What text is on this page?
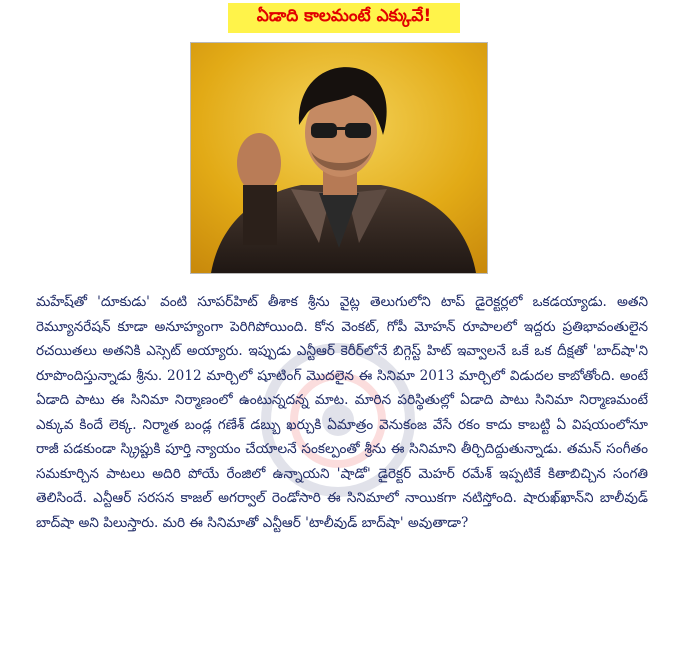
ఏడాది కాలమంటే ఎక్కువే!

మహేష్‌తో 'దూకుడు' వంటి సూపర్‌హిట్ తీశాక శ్రీను వైట్ల తెలుగులోని టాప్ డైరెక్టర్లలో ఒకడయ్యాడు. అతని రెమ్యూనరేషన్ కూడా అనూహ్యంగా పెరిగిపోయింది. కోన వెంకట్, గోపీ మోహన్ రూపాలలో ఇద్దరు ప్రతిభావంతులైన రచయితలు అతనికి ఎస్సెట్ అయ్యారు. ఇప్పుడు ఎన్టీఆర్ కెరీర్‌లోనే బిగ్గెస్ట్ హిట్ ఇవ్వాలనే ఒకే ఒక దీక్షతో 'బాద్‌షా'ని రూపొందిస్తున్నాడు శ్రీను. 2012 మార్చిలో షూటింగ్ మొదలైన ఈ సినిమా 2013 మార్చిలో విడుదల కాబోతోంది. అంటే ఏడాది పాటు ఈ సినిమా నిర్మాణంలో ఉంటున్నదన్న మాట. మారిన పరిస్థితుల్లో ఏడాది పాటు సినిమా నిర్మాణమంటే ఎక్కువ కిందే లెక్క. నిర్మాత బండ్ల గణేశ్ డబ్బు ఖర్చుకి ఏమాత్రం వెనుకంజ వేసే రకం కాదు కాబట్టి ఏ విషయంలోనూ రాజీ పడకుండా స్క్రిప్టుకి పూర్తి న్యాయం చేయాలనే సంకల్పంతో శ్రీను ఈ సినిమాని తీర్చిదిద్దుతున్నాడు. తమన్ సంగీతం సమకూర్చిన పాటలు అదిరి పోయే రేంజిలో ఉన్నాయని 'షాడో' డైరెక్టర్ మెహర్ రమేశ్ ఇప్పటికే కితాబిచ్చిన సంగతి తెలిసిందే. ఎన్టీఆర్ సరసన కాజల్ అగర్వాల్ రెండోసారి ఈ సినిమాలో నాయికగా నటిస్తోంది. షారుఖ్‌ఖాన్‌ని బాలీవుడ్ బాద్‌షా అని పిలుస్తారు. మరి ఈ సినిమాతో ఎన్టీఆర్ 'టాలీవుడ్ బాద్‌షా' అవుతాడా?
